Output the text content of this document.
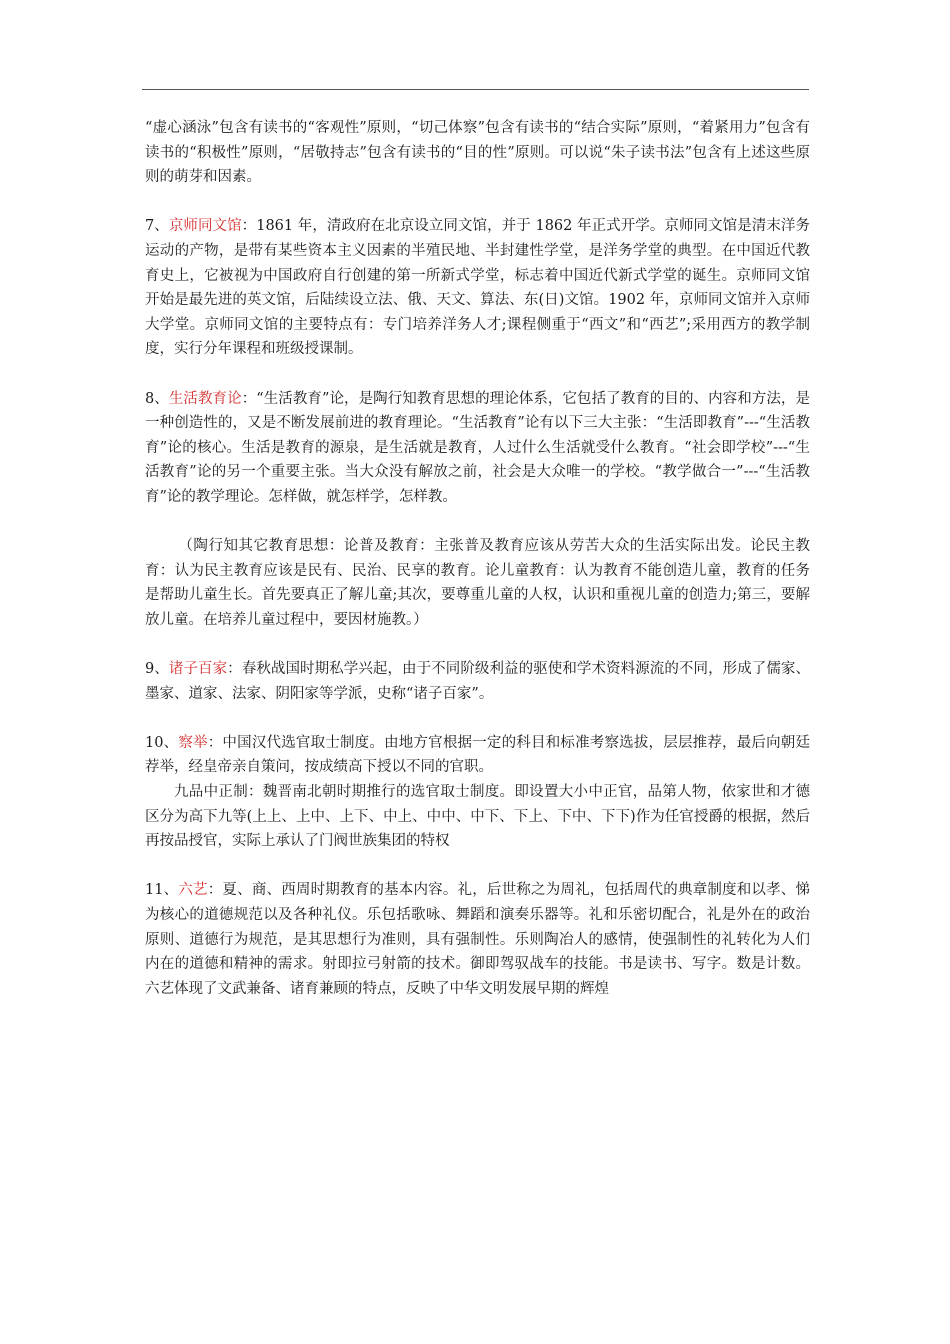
“虚心涵泳”包含有读书的“客观性”原则，“切己体察”包含有读书的“结合实际”原则，“着紧用力”包含有读书的“积极性”原则，“居敬持志”包含有读书的“目的性”原则。可以说“朱子读书法”包含有上述这些原则的萌芽和因素。

7、京师同文馆：1861 年，清政府在北京设立同文馆，并于 1862 年正式开学。京师同文馆是清末洋务运动的产物，是带有某些资本主义因素的半殖民地、半封建性学堂，是洋务学堂的典型。在中国近代教育史上，它被视为中国政府自行创建的第一所新式学堂，标志着中国近代新式学堂的诞生。京师同文馆开始是最先进的英文馆，后陆续设立法、俄、天文、算法、东(日)文馆。1902 年，京师同文馆并入京师大学堂。京师同文馆的主要特点有：专门培养洋务人才;课程侧重于“西文”和“西艺”;采用西方的教学制度，实行分年课程和班级授课制。

8、生活教育论：“生活教育”论，是陶行知教育思想的理论体系，它包括了教育的目的、内容和方法，是一种创造性的，又是不断发展前进的教育理论。“生活教育”论有以下三大主张：“生活即教育”---“生活教育”论的核心。生活是教育的源泉，是生活就是教育，人过什么生活就受什么教育。“社会即学校”---“生活教育”论的另一个重要主张。当大众没有解放之前，社会是大众唯一的学校。“教学做合一”---“生活教育”论的教学理论。怎样做，就怎样学，怎样教。

（陶行知其它教育思想：论普及教育：主张普及教育应该从劳苦大众的生活实际出发。论民主教育：认为民主教育应该是民有、民治、民享的教育。论儿童教育：认为教育不能创造儿童，教育的任务是帮助儿童生长。首先要真正了解儿童;其次，要尊重儿童的人权，认识和重视儿童的创造力;第三，要解放儿童。在培养儿童过程中，要因材施教。）

9、诸子百家：春秋战国时期私学兴起，由于不同阶级利益的驱使和学术资料源流的不同，形成了儒家、墨家、道家、法家、阴阳家等学派，史称“诸子百家”。

10、察举：中国汉代选官取士制度。由地方官根据一定的科目和标准考察选拔，层层推荐，最后向朝廷荐举，经皇帝亲自策问，按成绩高下授以不同的官职。

九品中正制：魏晋南北朝时期推行的选官取士制度。即设置大小中正官，品第人物，依家世和才德区分为高下九等(上上、上中、上下、中上、中中、中下、下上、下中、下下)作为任官授爵的根据，然后再按品授官，实际上承认了门阀世族集团的特权

11、六艺：夏、商、西周时期教育的基本内容。礼，后世称之为周礼，包括周代的典章制度和以孝、悌为核心的道德规范以及各种礼仪。乐包括歌咏、舞蹈和演奏乐器等。礼和乐密切配合，礼是外在的政治原则、道德行为规范，是其思想行为准则，具有强制性。乐则陶冶人的感情，使强制性的礼转化为人们内在的道德和精神的需求。射即拉弓射箭的技术。御即驾驭战车的技能。书是读书、写字。数是计数。六艺体现了文武兼备、诸育兼顾的特点，反映了中华文明发展早期的辉煌
